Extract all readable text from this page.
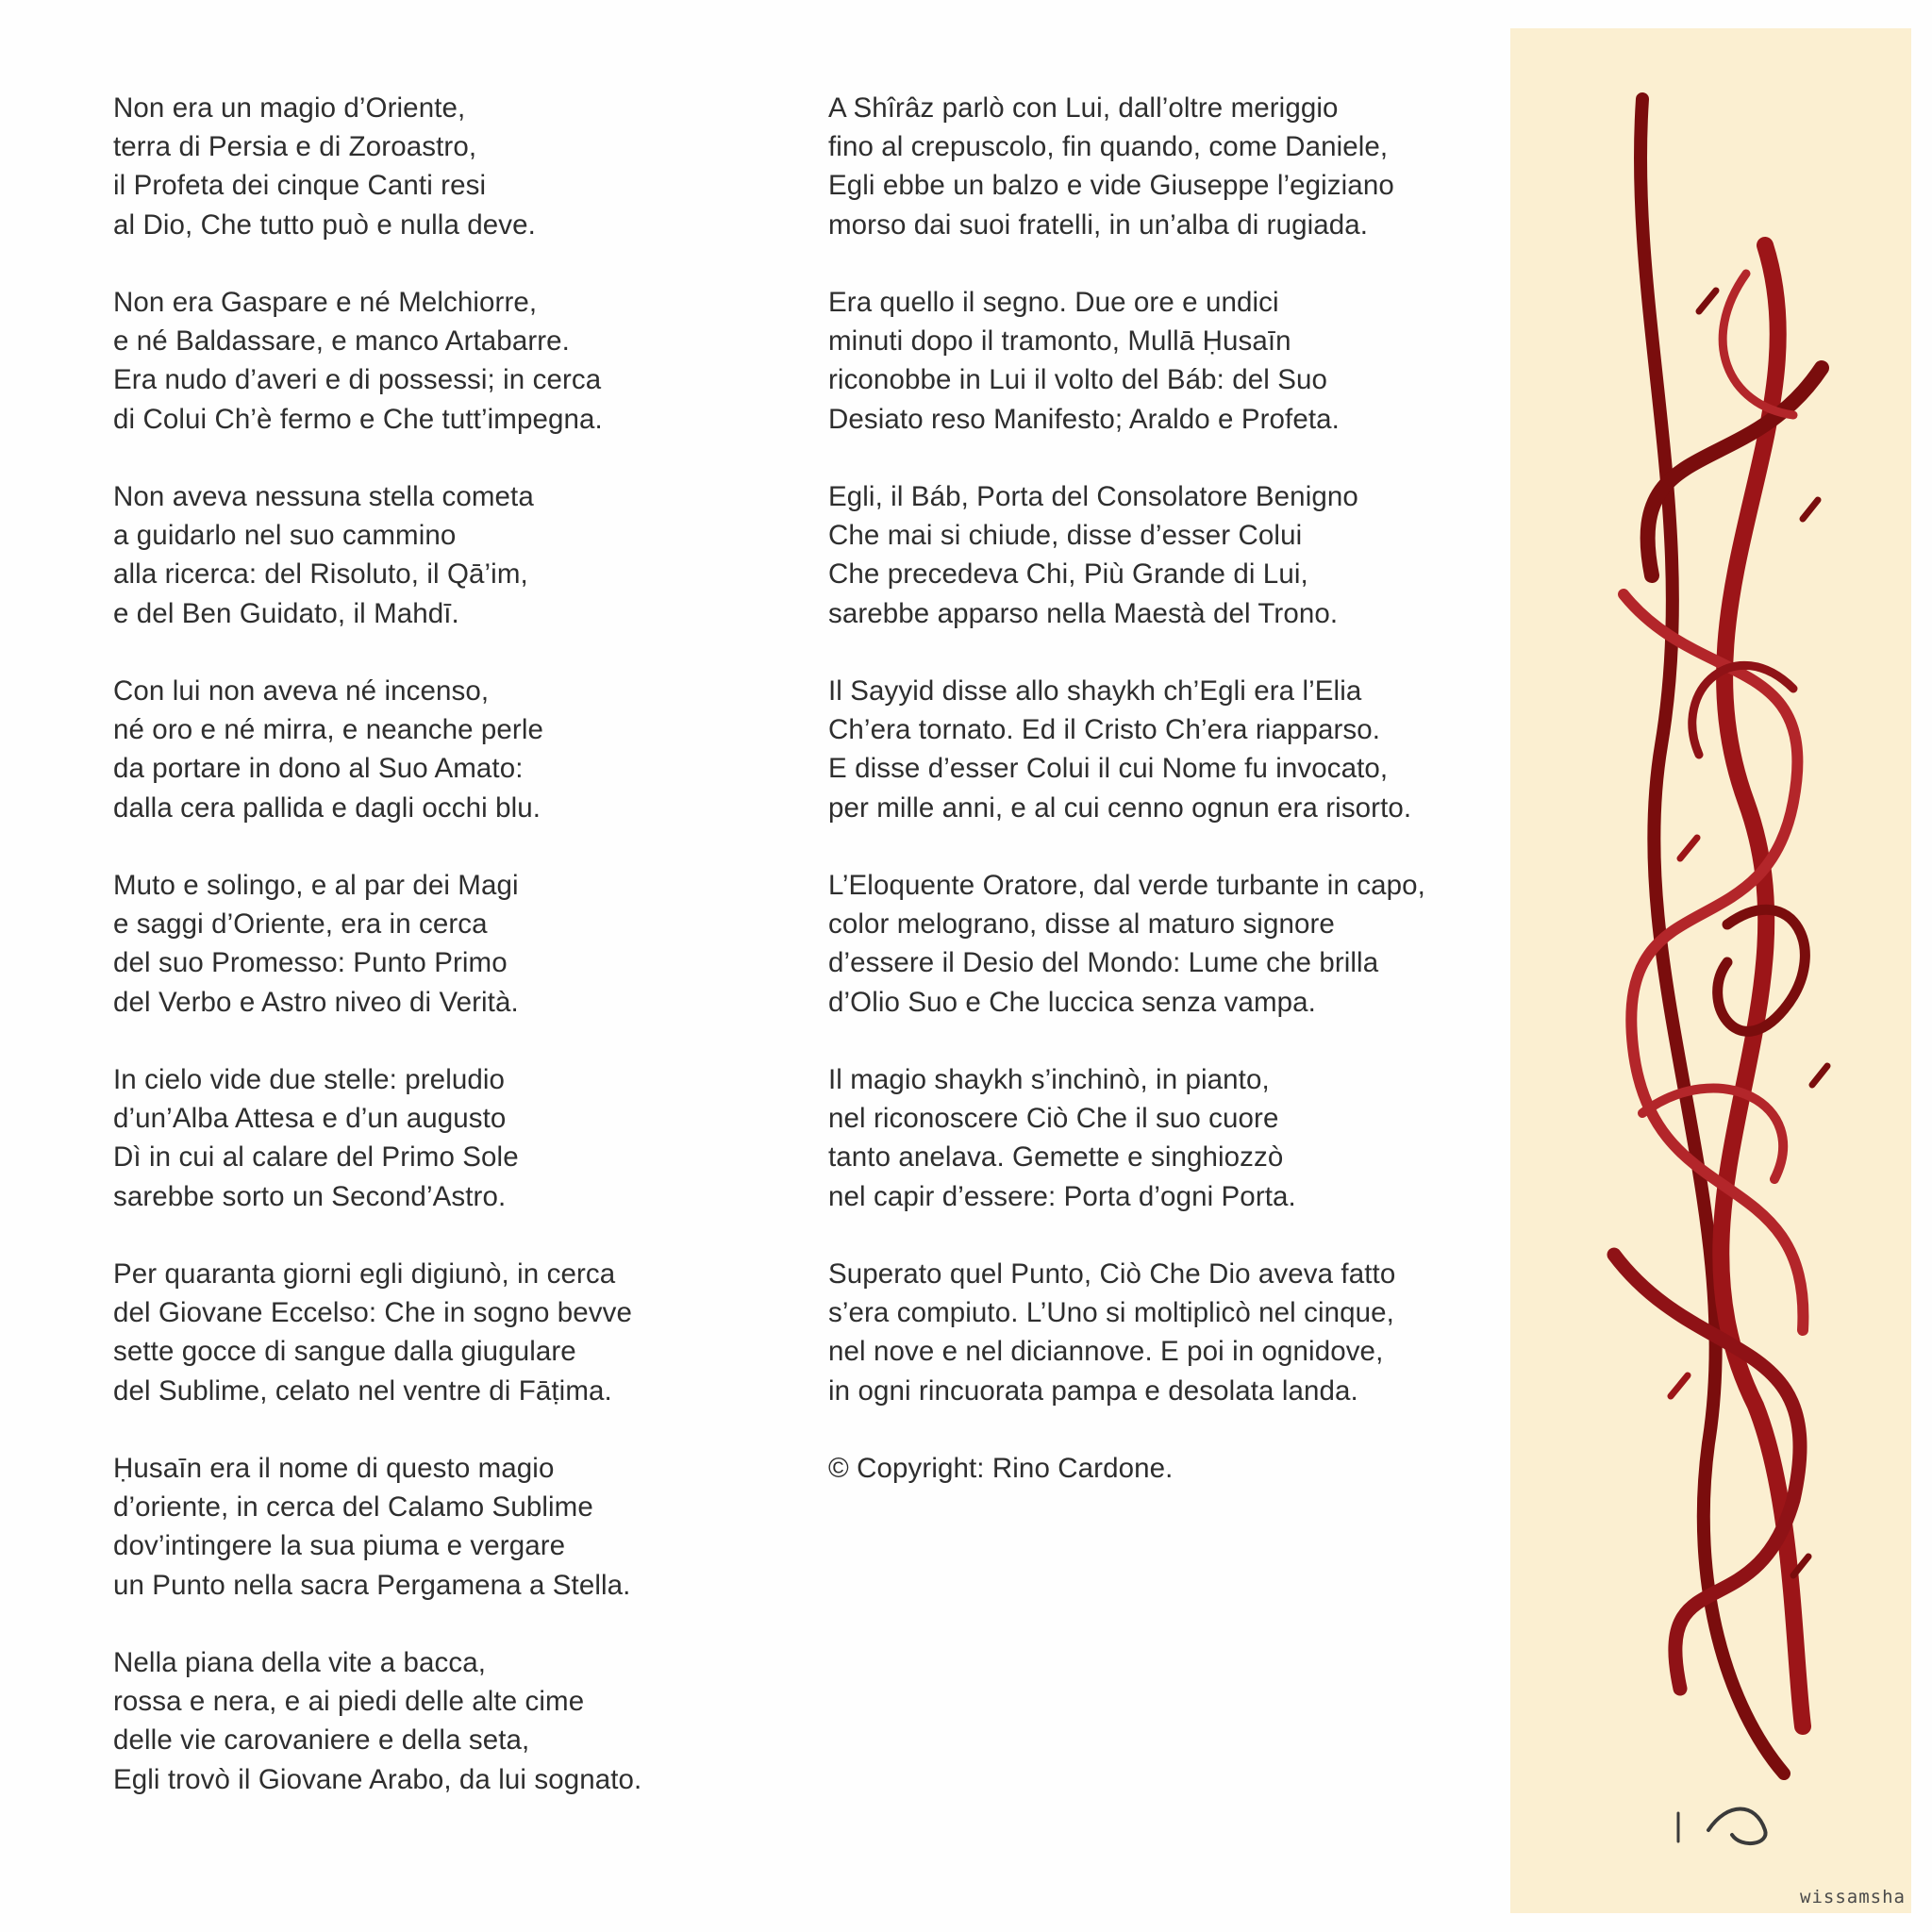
Non era un magio d’Oriente,
terra di Persia e di Zoroastro,
il Profeta dei cinque Canti resi
al Dio, Che tutto può e nulla deve.
Non era Gaspare e né Melchiorre,
e né Baldassare, e manco Artabarre.
Era nudo d’averi e di possessi; in cerca
di Colui Ch’è fermo e Che tutt’impegna.
Non aveva nessuna stella cometa
a guidarlo nel suo cammino
alla ricerca: del Risoluto, il Qā’im,
e del Ben Guidato, il Mahdī.
Con lui non aveva né incenso,
né oro e né mirra, e neanche perle
da portare in dono al Suo Amato:
dalla cera pallida e dagli occhi blu.
Muto e solingo, e al par dei Magi
e saggi d’Oriente, era in cerca
del suo Promesso: Punto Primo
del Verbo e Astro niveo di Verità.
In cielo vide due stelle: preludio
d’un’Alba Attesa e d’un augusto
Dì in cui al calare del Primo Sole
sarebbe sorto un Second’Astro.
Per quaranta giorni egli digiunò, in cerca
del Giovane Eccelso: Che in sogno bevve
sette gocce di sangue dalla giugulare
del Sublime, celato nel ventre di Fāṭima.
Ḥusaīn era il nome di questo magio
d’oriente, in cerca del Calamo Sublime
dov’intingere la sua piuma e vergare
un Punto nella sacra Pergamena a Stella.
Nella piana della vite a bacca,
rossa e nera, e ai piedi delle alte cime
delle vie carovaniere e della seta,
Egli trovò il Giovane Arabo, da lui sognato.
A Shîrâz parlò con Lui, dall’oltre meriggio
fino al crepuscolo, fin quando, come Daniele,
Egli ebbe un balzo e vide Giuseppe l’egiziano
morso dai suoi fratelli, in un’alba di rugiada.
Era quello il segno. Due ore e undici
minuti dopo il tramonto, Mullā Ḥusaīn
riconobbe in Lui il volto del Báb: del Suo
Desiato reso Manifesto; Araldo e Profeta.
Egli, il Báb, Porta del Consolatore Benigno
Che mai si chiude, disse d’esser Colui
Che precedeva Chi, Più Grande di Lui,
sarebbe apparso nella Maestà del Trono.
Il Sayyid disse allo shaykh ch’Egli era l’Elia
Ch’era tornato. Ed il Cristo Ch’era riapparso.
E disse d’esser Colui il cui Nome fu invocato,
per mille anni, e al cui cenno ognun era risorto.
L’Eloquente Oratore, dal verde turbante in capo,
color melograno, disse al maturo signore
d’essere il Desio del Mondo: Lume che brilla
d’Olio Suo e Che luccica senza vampa.
Il magio shaykh s’inchinò, in pianto,
nel riconoscere Ciò Che il suo cuore
tanto anelava. Gemette e singhiozzò
nel capir d’essere: Porta d’ogni Porta.
Superato quel Punto, Ciò Che Dio aveva fatto
s’era compiuto. L’Uno si moltiplicò nel cinque,
nel nove e nel diciannove. E poi in ognidove,
in ogni rincuorata pampa e desolata landa.
© Copyright: Rino Cardone.
wissamsha
